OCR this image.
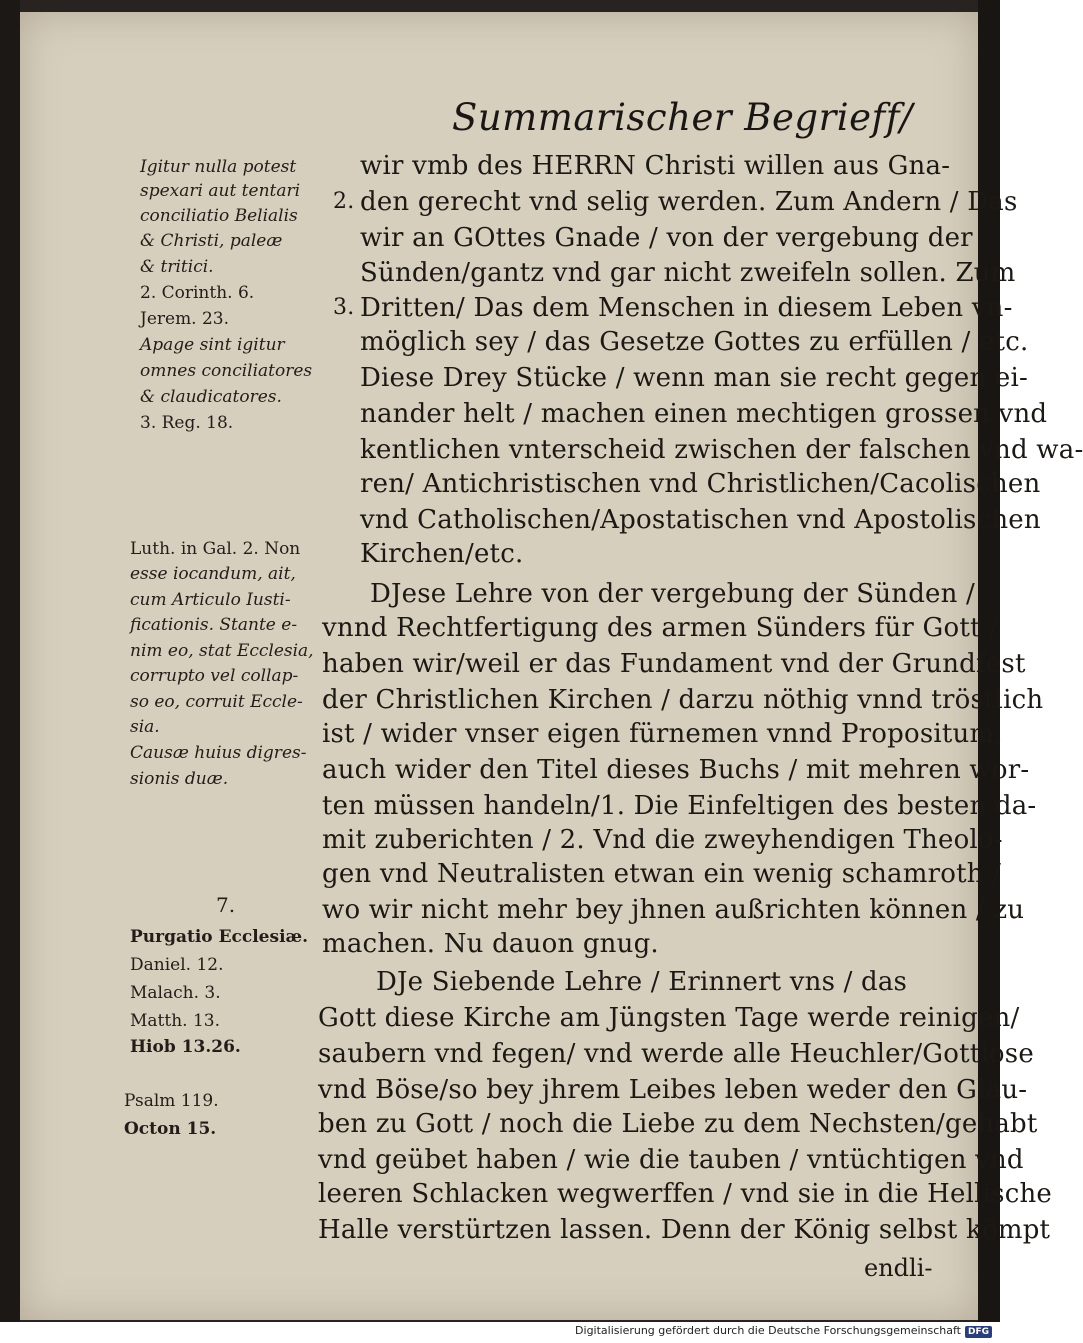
Summarischer Begrieff/
wir vmb des HERRN Christi willen aus Gna-
den gerecht vnd selig werden. Zum Andern / Das
wir an GOttes Gnade / von der vergebung der
Sünden/gantz vnd gar nicht zweifeln sollen. Zum
Dritten/ Das dem Menschen in diesem Leben vn-
möglich sey / das Gesetze Gottes zu erfüllen / etc.
Diese Drey Stücke / wenn man sie recht gegen ei-
nander helt / machen einen mechtigen grossen vnd
kentlichen vnterscheid zwischen der falschen vnd wa-
ren/ Antichristischen vnd Christlichen/Cacolischen
vnd Catholischen/Apostatischen vnd Apostolischen
Kirchen/etc.
DJese Lehre von der vergebung der Sünden /
vnnd Rechtfertigung des armen Sünders für Gott /
haben wir/weil er das Fundament vnd der Grundfest
der Christlichen Kirchen / darzu nöthig vnnd tröstlich
ist / wider vnser eigen fürnemen vnnd Propositum,
auch wider den Titel dieses Buchs / mit mehren wor-
ten müssen handeln/1. Die Einfeltigen des besten da-
mit zuberichten / 2. Vnd die zweyhendigen Theolo-
gen vnd Neutralisten etwan ein wenig schamroth /
wo wir nicht mehr bey jhnen außrichten können / zu
machen. Nu dauon gnug.
DJe Siebende Lehre / Erinnert vns / das
Gott diese Kirche am Jüngsten Tage werde reinigen/
saubern vnd fegen/ vnd werde alle Heuchler/Gottlose
vnd Böse/so bey jhrem Leibes leben weder den Glau-
ben zu Gott / noch die Liebe zu dem Nechsten/gehabt
vnd geübet haben / wie die tauben / vntüchtigen vnd
leeren Schlacken wegwerffen / vnd sie in die Hellische
Halle verstürtzen lassen. Denn der König selbst kömpt
endli-
2.
3.
Igitur nulla potest
spexari aut tentari
conciliatio Belialis
& Christi, paleæ
& tritici.
2. Corinth. 6.
Jerem. 23.
Apage sint igitur
omnes conciliatores
& claudicatores.
3. Reg. 18.
Luth. in Gal. 2. Non
esse iocandum, ait,
cum Articulo Iusti-
ficationis. Stante e-
nim eo, stat Ecclesia,
corrupto vel collap-
so eo, corruit Eccle-
sia.
Causæ huius digres-
sionis duæ.
7.
Purgatio Ecclesiæ.
Daniel. 12.
Malach. 3.
Matth. 13.
Hiob 13.26.
Psalm 119.
Octon 15.
Digitalisierung gefördert durch die Deutsche Forschungsgemeinschaft DFG
